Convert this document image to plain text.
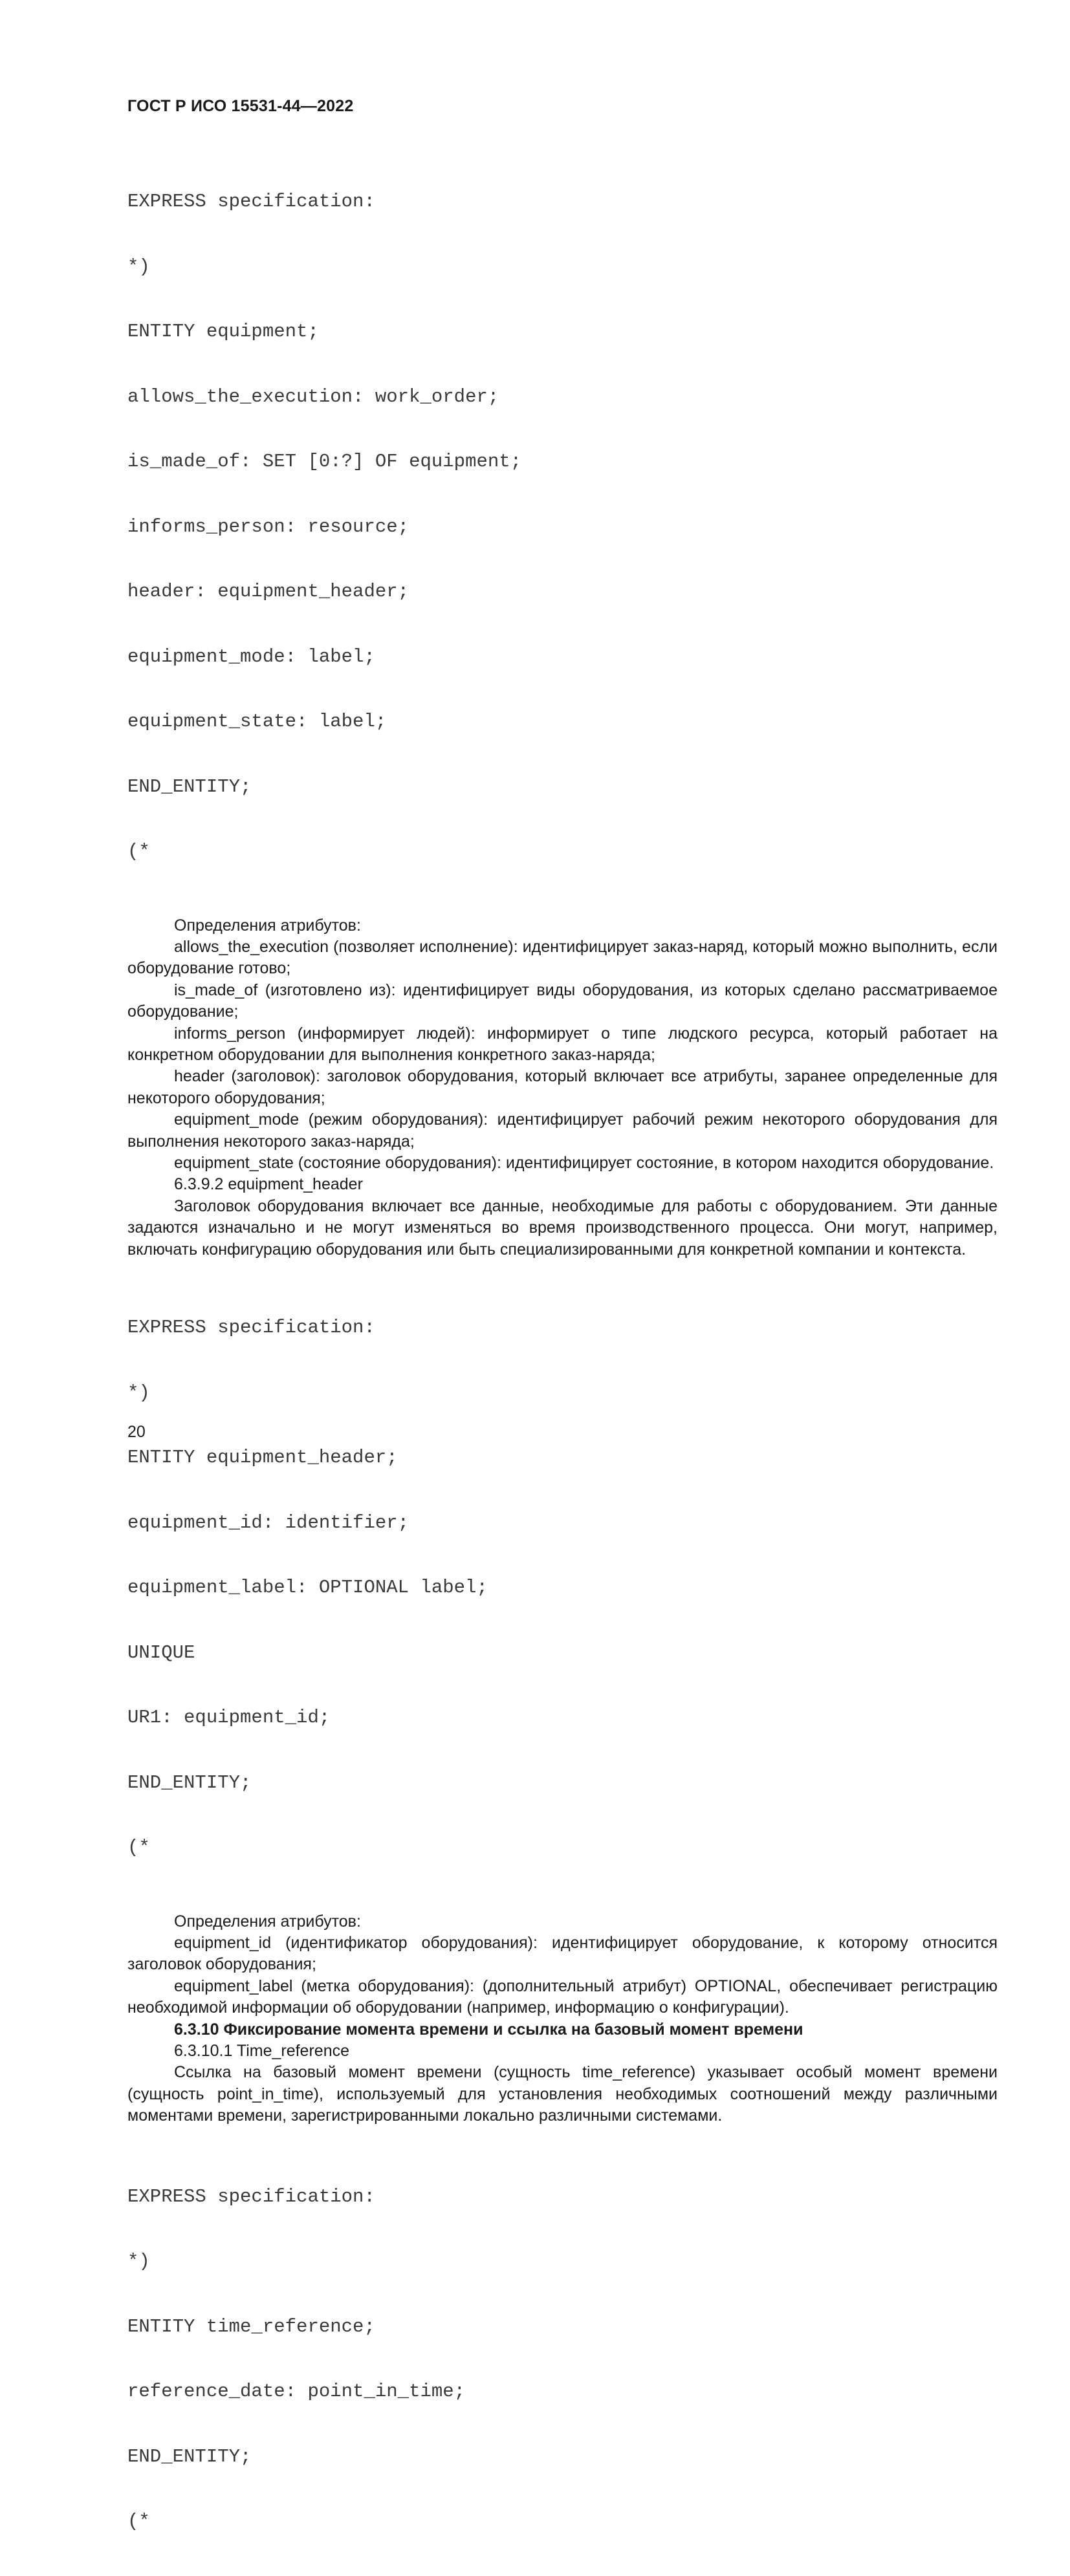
ГОСТ Р ИСО 15531-44—2022

EXPRESS specification:

*)

ENTITY equipment;

allows_the_execution: work_order;

is_made_of: SET [0:?] OF equipment;

informs_person: resource;

header: equipment_header;

equipment_mode: label;

equipment_state: label;

END_ENTITY;

(*

Определения атрибутов:

allows_the_execution (позволяет исполнение): идентифицирует заказ-наряд, который можно выполнить, если оборудование готово;

is_made_of (изготовлено из): идентифицирует виды оборудования, из которых сделано рассматриваемое оборудование;

informs_person (информирует людей): информирует о типе людского ресурса, который работает на конкретном оборудовании для выполнения конкретного заказ-наряда;

header (заголовок): заголовок оборудования, который включает все атрибуты, заранее определенные для некоторого оборудования;

equipment_mode (режим оборудования): идентифицирует рабочий режим некоторого оборудования для выполнения некоторого заказ-наряда;

equipment_state (состояние оборудования): идентифицирует состояние, в котором находится оборудование.

6.3.9.2 equipment_header

Заголовок оборудования включает все данные, необходимые для работы с оборудованием. Эти данные задаются изначально и не могут изменяться во время производственного процесса. Они могут, например, включать конфигурацию оборудования или быть специализированными для конкретной компании и контекста.

EXPRESS specification:

*)

ENTITY equipment_header;

equipment_id: identifier;

equipment_label: OPTIONAL label;

UNIQUE

UR1: equipment_id;

END_ENTITY;

(*

Определения атрибутов:

equipment_id (идентификатор оборудования): идентифицирует оборудование, к которому относится заголовок оборудования;

equipment_label (метка оборудования): (дополнительный атрибут) OPTIONAL, обеспечивает регистрацию необходимой информации об оборудовании (например, информацию о конфигурации).

6.3.10 Фиксирование момента времени и ссылка на базовый момент времени

6.3.10.1 Time_reference

Ссылка на базовый момент времени (сущность time_reference) указывает особый момент времени (сущность point_in_time), используемый для установления необходимых соотношений между различными моментами времени, зарегистрированными локально различными системами.

EXPRESS specification:

*)

ENTITY time_reference;

reference_date: point_in_time;

END_ENTITY;

(*

20
